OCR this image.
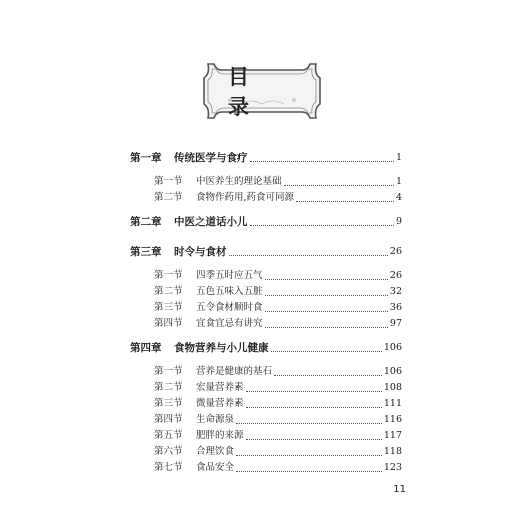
目 录
第一章	传统医学与食疗	1
第一节	中医养生的理论基础	1
第二节	食物作药用,药食可同源	4
第二章	中医之道话小儿	9
第三章	时令与食材	26
第一节	四季五时应五气	26
第二节	五色五味入五脏	32
第三节	五令食材顺时食	36
第四节	宜食宜忌有讲究	97
第四章	食物营养与小儿健康	106
第一节	营养是健康的基石	106
第二节	宏量营养素	108
第三节	微量营养素	111
第四节	生命源泉	116
第五节	肥胖的来源	117
第六节	合理饮食	118
第七节	食品安全	123
11
